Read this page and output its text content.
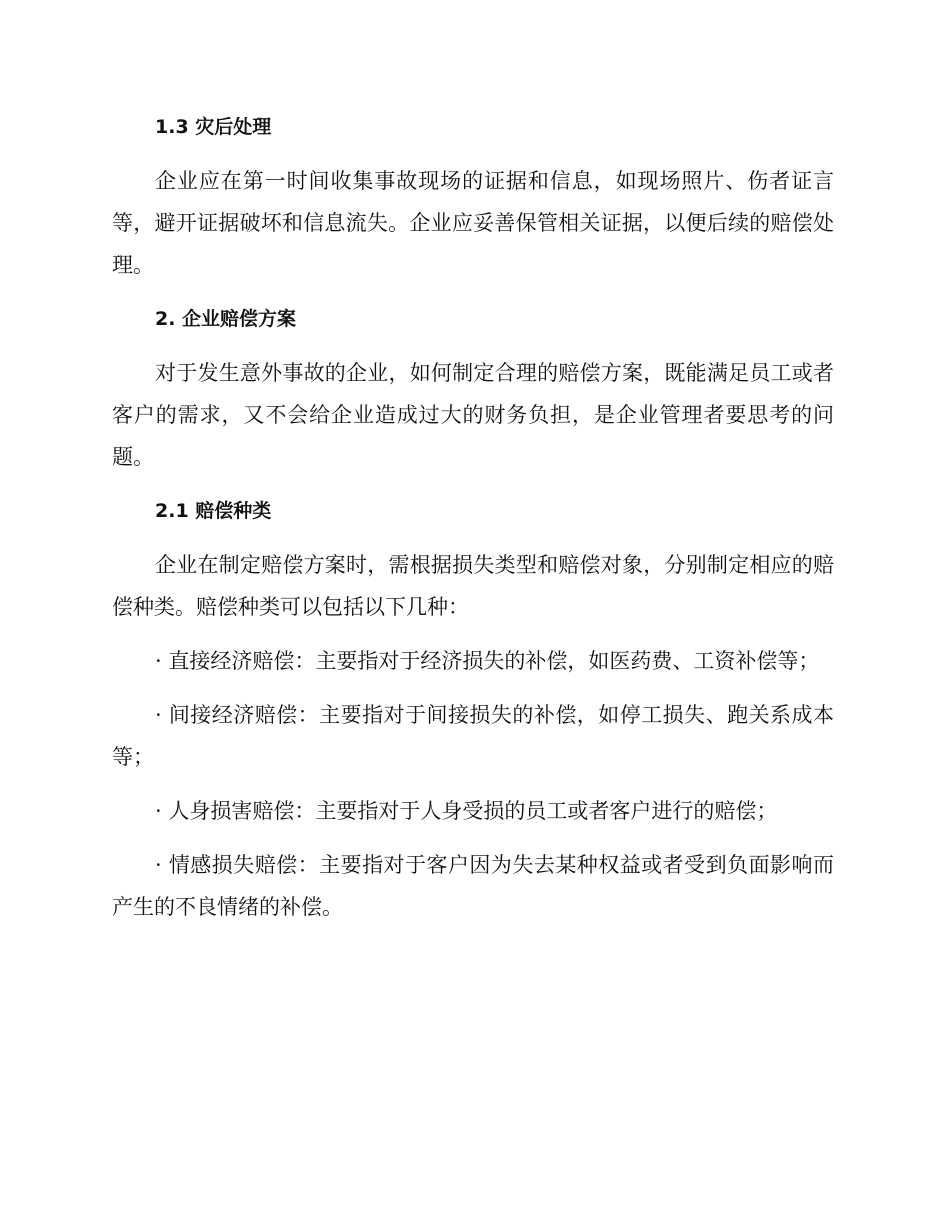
1.3 灾后处理

企业应在第一时间收集事故现场的证据和信息，如现场照片、伤者证言等，避开证据破坏和信息流失。企业应妥善保管相关证据，以便后续的赔偿处理。

2. 企业赔偿方案

对于发生意外事故的企业，如何制定合理的赔偿方案，既能满足员工或者客户的需求，又不会给企业造成过大的财务负担，是企业管理者要思考的问题。

2.1 赔偿种类

企业在制定赔偿方案时，需根据损失类型和赔偿对象，分别制定相应的赔偿种类。赔偿种类可以包括以下几种：

· 直接经济赔偿：主要指对于经济损失的补偿，如医药费、工资补偿等；

· 间接经济赔偿：主要指对于间接损失的补偿，如停工损失、跑关系成本等；

· 人身损害赔偿：主要指对于人身受损的员工或者客户进行的赔偿；

· 情感损失赔偿：主要指对于客户因为失去某种权益或者受到负面影响而产生的不良情绪的补偿。
